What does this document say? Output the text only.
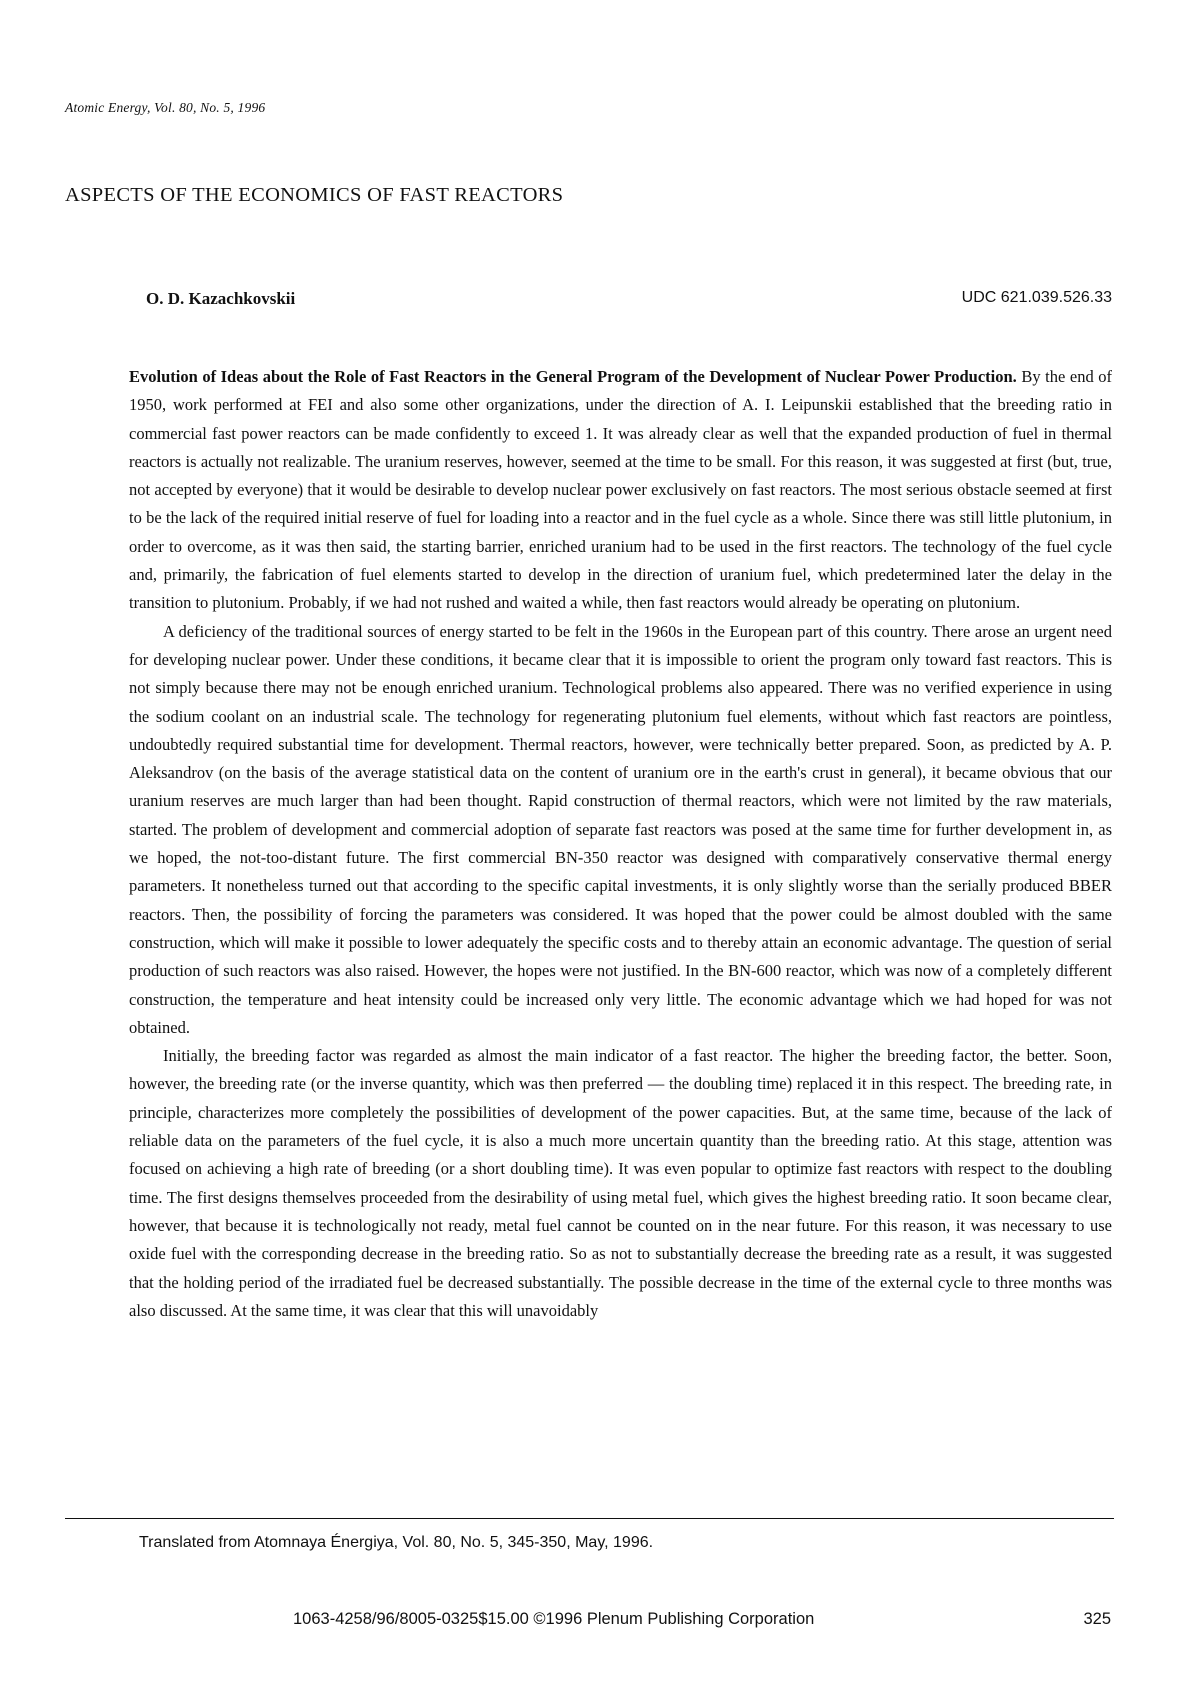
Atomic Energy, Vol. 80, No. 5, 1996
ASPECTS OF THE ECONOMICS OF FAST REACTORS
O. D. Kazachkovskii	UDC 621.039.526.33

Evolution of Ideas about the Role of Fast Reactors in the General Program of the Development of Nuclear Power Production. By the end of 1950, work performed at FEI and also some other organizations, under the direction of A. I. Leipunskii established that the breeding ratio in commercial fast power reactors can be made confidently to exceed 1. It was already clear as well that the expanded production of fuel in thermal reactors is actually not realizable. The uranium reserves, however, seemed at the time to be small. For this reason, it was suggested at first (but, true, not accepted by everyone) that it would be desirable to develop nuclear power exclusively on fast reactors. The most serious obstacle seemed at first to be the lack of the required initial reserve of fuel for loading into a reactor and in the fuel cycle as a whole. Since there was still little plutonium, in order to overcome, as it was then said, the starting barrier, enriched uranium had to be used in the first reactors. The technology of the fuel cycle and, primarily, the fabrication of fuel elements started to develop in the direction of uranium fuel, which predetermined later the delay in the transition to plutonium. Probably, if we had not rushed and waited a while, then fast reactors would already be operating on plutonium.

A deficiency of the traditional sources of energy started to be felt in the 1960s in the European part of this country. There arose an urgent need for developing nuclear power. Under these conditions, it became clear that it is impossible to orient the program only toward fast reactors. This is not simply because there may not be enough enriched uranium. Technological problems also appeared. There was no verified experience in using the sodium coolant on an industrial scale. The technology for regenerating plutonium fuel elements, without which fast reactors are pointless, undoubtedly required substantial time for development. Thermal reactors, however, were technically better prepared. Soon, as predicted by A. P. Aleksandrov (on the basis of the average statistical data on the content of uranium ore in the earth's crust in general), it became obvious that our uranium reserves are much larger than had been thought. Rapid construction of thermal reactors, which were not limited by the raw materials, started. The problem of development and commercial adoption of separate fast reactors was posed at the same time for further development in, as we hoped, the not-too-distant future. The first commercial BN-350 reactor was designed with comparatively conservative thermal energy parameters. It nonetheless turned out that according to the specific capital investments, it is only slightly worse than the serially produced BBER reactors. Then, the possibility of forcing the parameters was considered. It was hoped that the power could be almost doubled with the same construction, which will make it possible to lower adequately the specific costs and to thereby attain an economic advantage. The question of serial production of such reactors was also raised. However, the hopes were not justified. In the BN-600 reactor, which was now of a completely different construction, the temperature and heat intensity could be increased only very little. The economic advantage which we had hoped for was not obtained.

Initially, the breeding factor was regarded as almost the main indicator of a fast reactor. The higher the breeding factor, the better. Soon, however, the breeding rate (or the inverse quantity, which was then preferred — the doubling time) replaced it in this respect. The breeding rate, in principle, characterizes more completely the possibilities of development of the power capacities. But, at the same time, because of the lack of reliable data on the parameters of the fuel cycle, it is also a much more uncertain quantity than the breeding ratio. At this stage, attention was focused on achieving a high rate of breeding (or a short doubling time). It was even popular to optimize fast reactors with respect to the doubling time. The first designs themselves proceeded from the desirability of using metal fuel, which gives the highest breeding ratio. It soon became clear, however, that because it is technologically not ready, metal fuel cannot be counted on in the near future. For this reason, it was necessary to use oxide fuel with the corresponding decrease in the breeding ratio. So as not to substantially decrease the breeding rate as a result, it was suggested that the holding period of the irradiated fuel be decreased substantially. The possible decrease in the time of the external cycle to three months was also discussed. At the same time, it was clear that this will unavoidably

Translated from Atomnaya Énergiya, Vol. 80, No. 5, 345-350, May, 1996.
1063-4258/96/8005-0325$15.00 ©1996 Plenum Publishing Corporation	325
